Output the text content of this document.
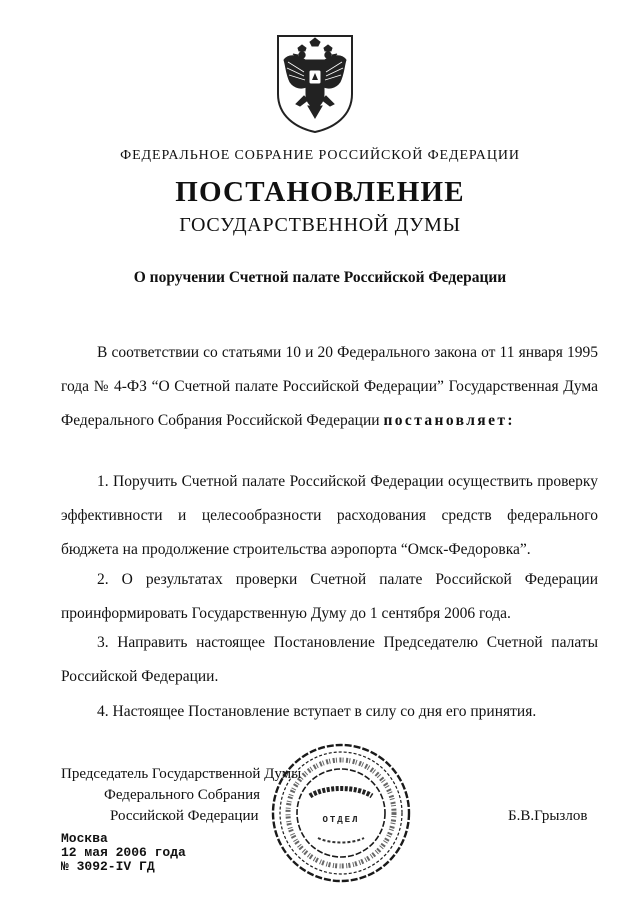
ФЕДЕРАЛЬНОЕ СОБРАНИЕ РОССИЙСКОЙ ФЕДЕРАЦИИ
ПОСТАНОВЛЕНИЕ
ГОСУДАРСТВЕННОЙ ДУМЫ
О поручении Счетной палате Российской Федерации
В соответствии со статьями 10 и 20 Федерального закона от 11 января 1995 года № 4-ФЗ “О Счетной палате Российской Федерации” Государственная Дума Федерального Собрания Российской Федерации постановляет:
1. Поручить Счетной палате Российской Федерации осуществить проверку эффективности и целесообразности расходования средств федерального бюджета на продолжение строительства аэропорта “Омск-Федоровка”.
2. О результатах проверки Счетной палате Российской Федерации проинформировать Государственную Думу до 1 сентября 2006 года.
3. Направить настоящее Постановление Председателю Счетной палаты Российской Федерации.
4. Настоящее Постановление вступает в силу со дня его принятия.
Председатель Государственной Думы
Федерального Собрания
Российской Федерации	Б.В.Грызлов
ОТДЕЛ
Москва
12 мая 2006 года
№ 3092-IV ГД
